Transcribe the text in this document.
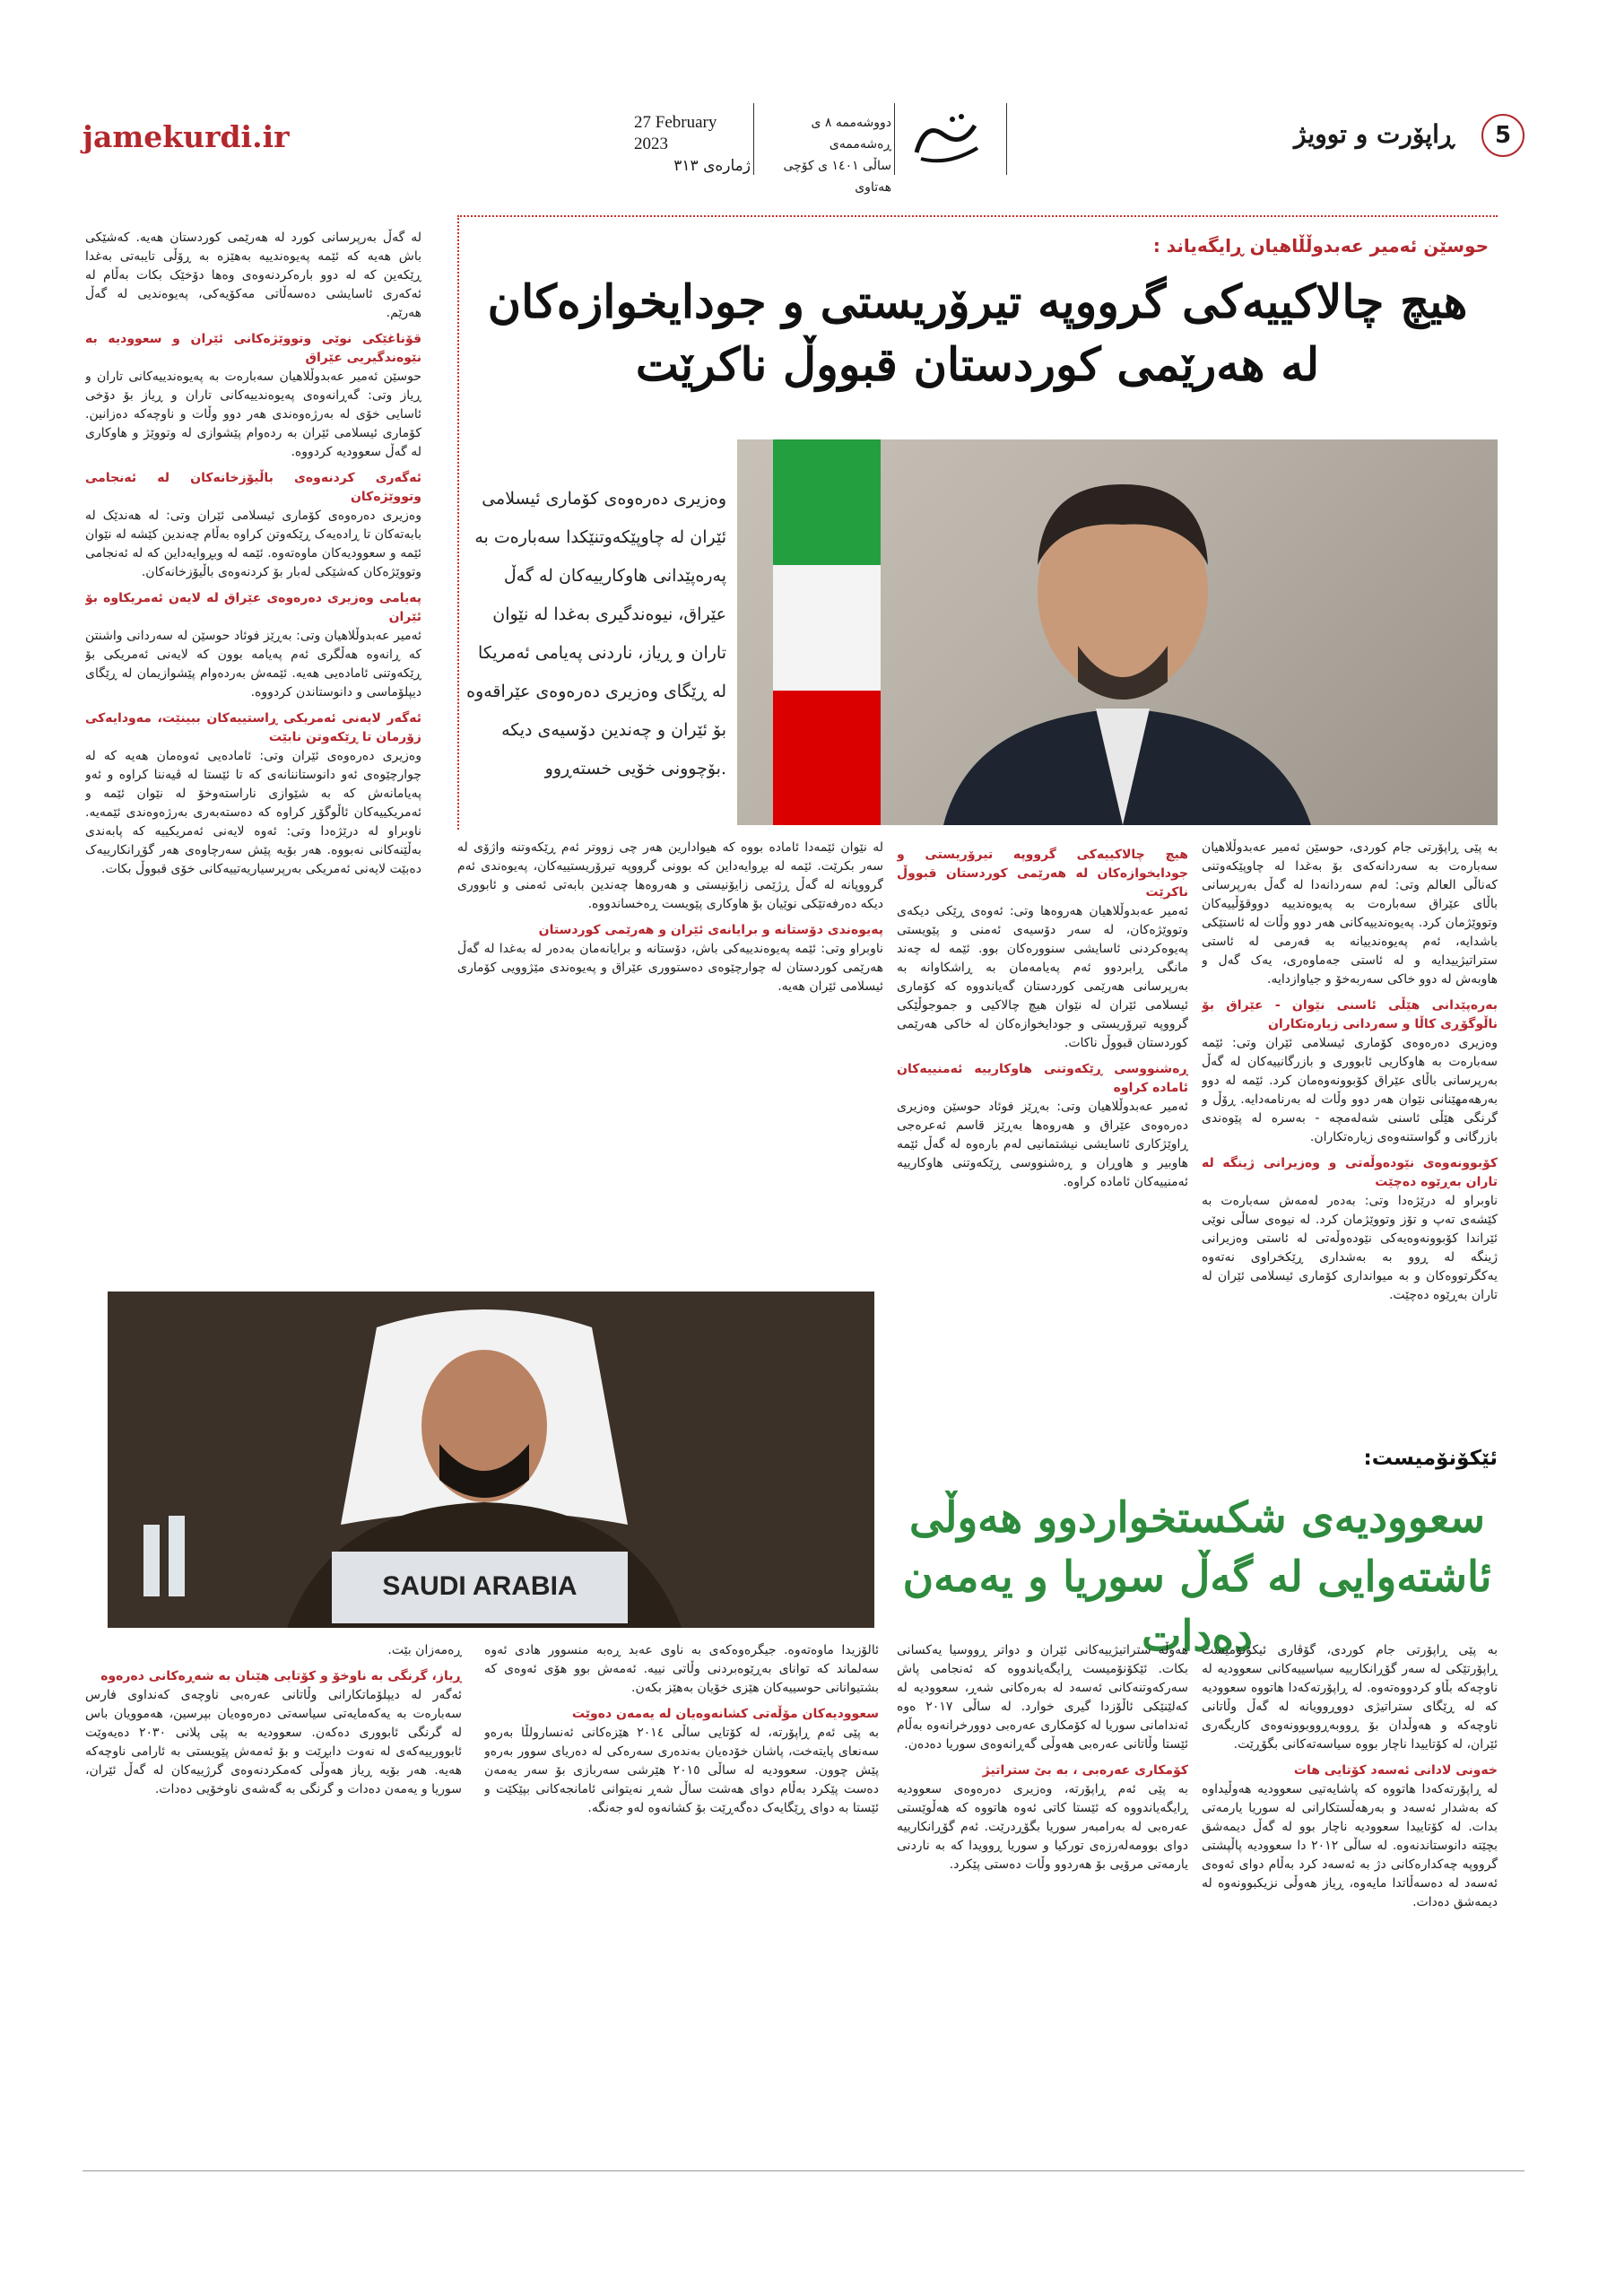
jamekurdi.ir	27 February 2023
ژمارەی ٣١٣
دووشەممە ٨ ی ڕەشەممەی
ساڵی ١٤٠١ ی کۆچی هەتاوی
ڕاپۆرت و توویژ	5

لە گەڵ بەرپرسانی کورد لە هەرێمی کوردستان هەیە. کەشێکی باش هەیە کە ئێمە پەیوەندییە بەهێزە بە ڕۆڵی تایبەتی بەغدا ڕێکەین کە لە دوو بارەکردنەوەی وەها دۆخێک بکات بەڵام لە ئەکەری ئاسایشی دەسەڵاتی مەکۆیەکی، پەیوەندیی لە گەڵ هەرێم.

قۆناغێکی نوێی وتووێژەکانی ئێران و سعوودیە بە نێوەندگیریی عێراق

حوسێن ئەمیر عەبدوڵلاهیان سەبارەت بە پەیوەندییەکانی تاران و ڕیاز وتی: گەڕانەوەی پەیوەندییەکانی تاران و ڕیاز بۆ دۆخی ئاسایی خۆی لە بەرژەوەندی هەر دوو وڵات و ناوچەکە دەزانین. کۆماری ئیسلامی ئێران بە ردەوام پێشوازی لە وتووێژ و هاوکاری لە گەڵ سعوودیە کردووە.

ئەگەری کردنەوەی باڵیۆزخانەکان لە ئەنجامی وتووێژەکان

وەزیری دەرەوەی کۆماری ئیسلامی ئێران وتی: لە هەندێک لە بابەتەکان تا ڕادەیەک ڕێکەوتن کراوە بەڵام چەندین کێشە لە نێوان ئێمە و سعوودیەکان ماوەتەوە. ئێمە لە وبڕوایەداین کە لە ئەنجامی وتووێژەکان کەشێکی لەبار بۆ کردنەوەی باڵیۆزخانەکان.

پەیامی وەزیری دەرەوەی عێراق لە لایەن ئەمریکاوە بۆ ئێران

ئەمیر عەبدوڵلاهیان وتی: بەڕێز فوئاد حوسێن لە سەردانی واشنتن کە ڕانەوە هەڵگری ئەم پەیامە بوون کە لایەنی ئەمریکی بۆ ڕێکەوتنی ئامادەیی هەیە. ئێمەش بەردەوام پێشوازیمان لە ڕێگای دیپلۆماسی و دانوستاندن کردووە.

ئەگەر لایەنی ئەمریکی ڕاستییەکان ببینێت، مەودایەکی زۆرمان تا ڕێکەوتن نابێت

وەزیری دەرەوەی ئێران وتی: ئامادەیی ئەوەمان هەیە کە لە چوارچێوەی ئەو دانوستاننانەی کە تا ئێستا لە ڤیەننا کراوە و ئەو پەیامانەش کە بە شێوازی ناراستەوخۆ لە نێوان ئێمە و ئەمریکییەکان ئاڵوگۆڕ کراوە کە دەستەبەری بەرژەوەندی ئێمەیە. ناوبراو لە درێژەدا وتی: ئەوە لایەنی ئەمریکییە کە پابەندی بەڵێنەکانی نەبووە. هەر بۆیە پێش سەرچاوەی هەر گۆڕانکارییەک دەبێت لایەنی ئەمریکی بەرپرسیاریەتییەکانی خۆی قبووڵ بکات.

حوسێن ئەمیر عەبدوڵڵاهیان ڕایگەیاند :
هیچ چالاکییەکی گرووپە تیرۆریستی و جودایخوازەکان لە هەرێمی کوردستان قبووڵ ناکرێت
وەزیری دەرەوەی کۆماری ئیسلامی ئێران لە چاوپێکەوتنێکدا سەبارەت بە پەرەپێدانی هاوکارییەکان لە گەڵ عێراق، نیوەندگیری بەغدا لە نێوان تاران و ڕیاز، ناردنی پەیامی ئەمریکا لە ڕێگای وەزیری دەرەوەی عێراقەوە بۆ ئێران و چەندین دۆسیەی دیکە بۆچوونی خۆیی خستەڕوو.

بە پێی ڕاپۆرتی جام کوردی، حوسێن ئەمیر عەبدوڵلاهیان سەبارەت بە سەردانەکەی بۆ بەغدا لە چاوپێکەوتنی کەناڵی العالم وتی: لەم سەردانەدا لە گەڵ بەرپرسانی باڵای عێراق سەبارەت بە پەیوەندییە دووقۆڵییەکان وتووێژمان کرد. پەیوەندییەکانی هەر دوو وڵات لە ئاستێکی باشدایە، ئەم پەیوەندییانە بە فەرمی لە ئاستی ستراتیژییدایە و لە ئاستی جەماوەری، یەک گەل و هاوبەش لە دوو خاکی سەربەخۆ و جیاوازدایە.

بەرەپێدانی هێڵی ئاسنی نێوان - عێراق بۆ ناڵوگۆڕی کاڵا و سەردانی زیارەتکاران

وەزیری دەرەوەی کۆماری ئیسلامی ئێران وتی: ئێمە سەبارەت بە هاوکاریی ئابووری و بازرگانییەکان لە گەڵ بەرپرسانی باڵای عێراق کۆبوونەوەمان کرد. ئێمە لە دوو بەرهەمهێنانی نێوان هەر دوو وڵات لە بەرنامەدایە. ڕۆڵ و گرنگی هێڵی ئاسنی شەلەمچە - بەسرە لە پێوەندی بازرگانی و گواستنەوەی زیارەتکاران.

کۆبوونەوەی نێودەوڵەتی و وەزیرانی ژینگە لە تاران بەڕێوە دەچێت

ناوبراو لە درێژەدا وتی: بەدەر لەمەش سەبارەت بە کێشەی تەپ و تۆز وتووێژمان کرد. لە نیوەی ساڵی نوێی ئێراندا کۆبوونەوەیەکی نێودەوڵەتی لە ئاستی وەزیرانی ژینگە لە ڕوو بە بەشداری ڕێکخراوی نەتەوە یەکگرتووەکان و بە میوانداری کۆماری ئیسلامی ئێران لە تاران بەڕێوە دەچێت.

هیچ چالاکییەکی گرووپە تیرۆریستی و جودایخوازەکان لە هەرێمی کوردستان قبووڵ ناکرێت

ئەمیر عەبدوڵلاهیان هەروەها وتی: ئەوەی ڕێکی دیکەی وتووێژەکان، لە سەر دۆسیەی ئەمنی و پێویستی پەیوەکردنی ئاسایشی سنوورەکان بوو. ئێمە لە چەند مانگی ڕابردوو ئەم پەیامەمان بە ڕاشکاوانە بە بەرپرسانی هەرێمی کوردستان گەیاندووە کە کۆماری ئیسلامی ئێران لە نێوان هیچ چالاکیی و جموجوڵێکی گرووپە تیرۆریستی و جودایخوازەکان لە خاکی هەرێمی کوردستان قبووڵ ناکات.

ڕەشنووسی ڕێکەوتنی هاوکارییە ئەمنییەکان ئامادە کراوە

ئەمیر عەبدوڵلاهیان وتی: بەڕێز فوئاد حوسێن وەزیری دەرەوەی عێراق و هەروەها بەڕێز قاسم ئەعرەجی ڕاوێژکاری ئاسایشی نیشتمانیی لەم بارەوە لە گەڵ ئێمە هاوبیر و هاوڕان و ڕەشنووسی ڕێکەوتنی هاوکارییە ئەمنییەکان ئامادە کراوە.

لە نێوان ئێمەدا ئامادە بووە کە هیوادارین هەر چی زووتر ئەم ڕێکەوتنە واژۆی لە سەر بکرێت. ئێمە لە بڕوایەداین کە بوونی گرووپە تیرۆریستییەکان، پەیوەندی ئەم گرووپانە لە گەڵ ڕژێمی زایۆنیستی و هەروەها چەندین بابەتی ئەمنی و ئابووری دیکە دەرفەتێکی نوێیان بۆ هاوکاری پێویست ڕەخساندووە.

پەیوەندی دۆستانە و برایانەی ئێران و هەرێمی کوردستان

ناوبراو وتی: ئێمە پەیوەندییەکی باش، دۆستانە و برایانەمان بەدەر لە بەغدا لە گەڵ هەرێمی کوردستان لە چوارچێوەی دەستووری عێراق و پەیوەندی مێژوویی کۆماری ئیسلامی ئێران هەیە.

SAUDI ARABIA
ئێکۆنۆمیست:
سعوودیەی شکستخواردوو هەوڵی ئاشتەوایی لە گەڵ سوریا و یەمەن دەدات

بە پێی ڕاپۆرتی جام کوردی، گۆڤاری ئیکۆنۆمیست ڕاپۆرتێکی لە سەر گۆڕانکارییە سیاسییەکانی سعوودیە لە ناوچەکە بڵاو کردووەتەوە. لە ڕاپۆرتەکەدا هاتووە سعوودیە کە لە ڕێگای ستراتیژی دووڕوویانە لە گەڵ وڵاتانی ناوچەکە و هەوڵدان بۆ ڕووبەڕووبوونەوەی کاریگەری ئێران، لە کۆتاییدا ناچار بووە سیاسەتەکانی بگۆڕێت.

خەونی لادانی ئەسەد کۆتایی هات

لە ڕاپۆرتەکەدا هاتووە کە پاشایەتیی سعوودیە هەوڵیداوە کە بەشدار ئەسەد و بەرهەڵستکارانی لە سوریا یارمەتی بدات. لە کۆتاییدا سعوودیە ناچار بوو لە گەڵ دیمەشق بچێتە دانوستاندنەوە. لە ساڵی ٢٠١٢ دا سعوودیە پاڵپشتی گرووپە چەکدارەکانی دژ بە ئەسەد کرد بەڵام دوای ئەوەی ئەسەد لە دەسەڵاتدا مایەوە، ڕیاز هەوڵی نزیکبوونەوە لە دیمەشق دەدات.

هەوڵە ستراتیژییەکانی ئێران و دواتر ڕووسیا یەکسانی بکات. ئێکۆنۆمیست ڕایگەیاندووە کە ئەنجامی پاش سەرکەوتنەکانی ئەسەد لە بەرەکانی شەڕ، سعوودیە لە کەلێنێکی ئاڵۆزدا گیری خوارد. لە ساڵی ٢٠١٧ ەوە ئەندامانی سوریا لە کۆمکاری عەرەبی دوورخرانەوە بەڵام ئێستا وڵاتانی عەرەبی هەوڵی گەڕانەوەی سوریا دەدەن.

کۆمکاری عەرەبی ، بە بێ ستراتیژ

بە پێی ئەم ڕاپۆرتە، وەزیری دەرەوەی سعوودیە ڕایگەیاندووە کە ئێستا کاتی ئەوە هاتووە کە هەڵوێستی عەرەبی لە بەرامبەر سوریا بگۆڕدرێت. ئەم گۆڕانکارییە دوای بوومەلەرزەی تورکیا و سوریا ڕوویدا کە بە ناردنی یارمەتی مرۆیی بۆ هەردوو وڵات دەستی پێکرد.

ئالۆزیدا ماوەتەوە. جیگرەوەکەی بە ناوی عەبد ڕەبە منسوور هادی ئەوە سەلماند کە توانای بەڕێوەبردنی وڵاتی نییە. ئەمەش بوو هۆی ئەوەی کە بشتیوانانی حوسییەکان هێزی خۆیان بەهێز بکەن.

سعوودیەکان مۆڵەتی کشانەوەیان لە یەمەن دەوێت

بە پێی ئەم ڕاپۆرتە، لە کۆتایی ساڵی ٢٠١٤ هێزەکانی ئەنسارولڵا بەرەو سەنعای پایتەخت، پاشان خۆدەیان بەندەری سەرەکی لە دەریای سوور بەرەو پێش چوون. سعوودیە لە ساڵی ٢٠١٥ هێرشی سەربازی بۆ سەر یەمەن دەست پێکرد بەڵام دوای هەشت ساڵ شەڕ نەیتوانی ئامانجەکانی بپێکێت و ئێستا بە دوای ڕێگایەک دەگەڕێت بۆ کشانەوە لەو جەنگە.

ڕەمەزان بێت.

ڕیاز، گرنگی بە ناوخۆ و کۆتایی هێنان بە شەڕەکانی دەرەوە

ئەگەر لە دیپلۆماتکارانی وڵاتانی عەرەبی ناوچەی کەنداوی فارس سەبارەت بە یەکەمایەتی سیاسەتی دەرەوەیان بپرسین، هەموویان باس لە گرنگی ئابووری دەکەن. سعوودیە بە پێی پلانی ٢٠٣٠ دەیەوێت ئابوورییەکەی لە نەوت دابڕێت و بۆ ئەمەش پێویستی بە ئارامی ناوچەکە هەیە. هەر بۆیە ڕیاز هەوڵی کەمکردنەوەی گرژییەکان لە گەڵ ئێران، سوریا و یەمەن دەدات و گرنگی بە گەشەی ناوخۆیی دەدات.
